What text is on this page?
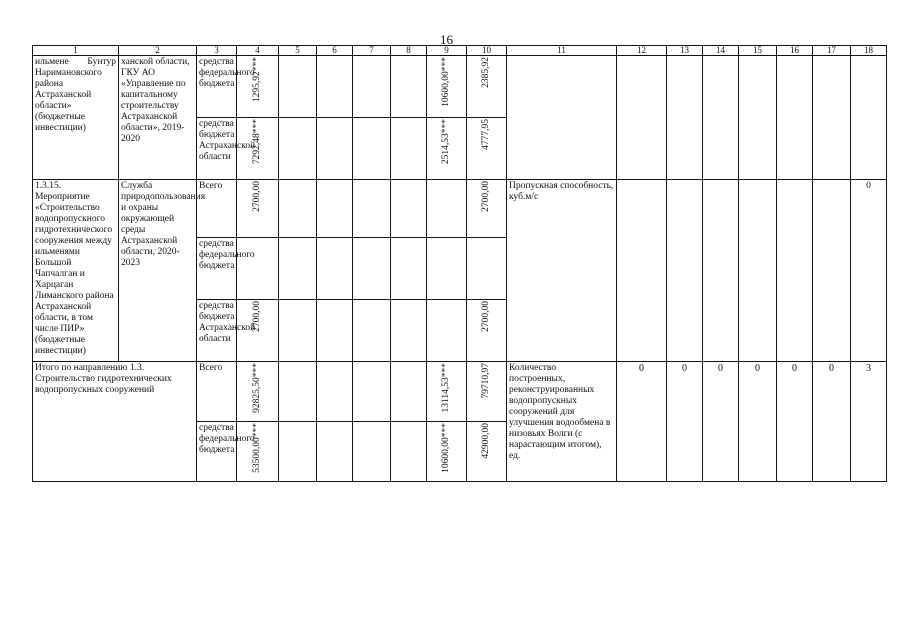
16
1	2	3	4	5	6	7	8	9	10	11	12	13	14	15	16	17	18
ильмене Бунтур Наримановского района Астраханской области» (бюджетные инвестиции)	ханской области, ГКУ АО «Управление по капитальному строительству Астраханской области», 2019-2020	средства федерального бюджета	1295,92***					10600,00***	2385,92								
		средства бюджета Астраханской области	7292,48***					2514,53***	4777,95								
1.3.15. Мероприятие «Строительство водопропускного гидротехнического сооружения между ильменями Большой Чапчалган и Харцаган Лиманского района Астраханской области, в том числе ПИР» (бюджетные инвестиции)	Служба природопользования и охраны окружающей среды Астраханской области, 2020-2023	Всего	2700,00						2700,00	Пропускная способность, куб.м/с							0
		средства федерального бюджета															
		средства бюджета Астраханской области	2700,00						2700,00								
Итого по направлению 1.3. Строительство гидротехнических водопропускных сооружений		Всего	92825,50***					13114,53***	79710,97	Количество построенных, реконструированных водопропускных сооружений для улучшения водообмена в низовьях Волги (с нарастающим итогом), ед.	0	0	0	0	0	0	3
		средства федерального бюджета	53500,00***					10600,00***	42900,00								
